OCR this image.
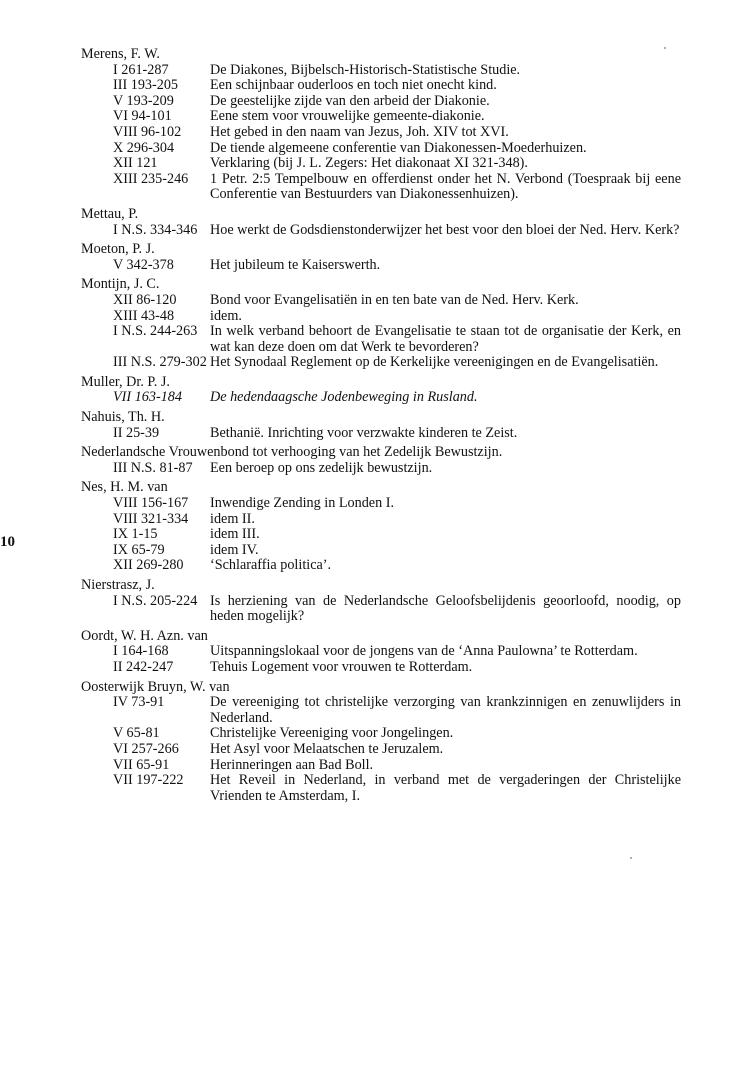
10
Merens, F. W.
I 261-287	De Diakones, Bijbelsch-Historisch-Statistische Studie.
III 193-205	Een schijnbaar ouderloos en toch niet onecht kind.
V 193-209	De geestelijke zijde van den arbeid der Diakonie.
VI 94-101	Eene stem voor vrouwelijke gemeente-diakonie.
VIII 96-102	Het gebed in den naam van Jezus, Joh. XIV tot XVI.
X 296-304	De tiende algemeene conferentie van Diakonessen-Moederhuizen.
XII 121	Verklaring (bij J. L. Zegers: Het diakonaat XI 321-348).
XIII 235-246	1 Petr. 2:5 Tempelbouw en offerdienst onder het N. Verbond (Toespraak bij eene Conferentie van Bestuurders van Diakonessenhuizen).
Mettau, P.
I N.S. 334-346 Hoe werkt de Godsdienstonderwijzer het best voor den bloei der Ned. Herv. Kerk?
Moeton, P. J.
V 342-378	Het jubileum te Kaiserswerth.
Montijn, J. C.
XII 86-120	Bond voor Evangelisatiën in en ten bate van de Ned. Herv. Kerk.
XIII 43-48	idem.
I N.S. 244-263 In welk verband behoort de Evangelisatie te staan tot de organisatie der Kerk, en wat kan deze doen om dat Werk te bevorderen?
III N.S. 279-302 Het Synodaal Reglement op de Kerkelijke vereenigingen en de Evangelisatiën.
Muller, Dr. P. J.
VII 163-184	De hedendaagsche Jodenbeweging in Rusland.
Nahuis, Th. H.
II 25-39	Bethanië. Inrichting voor verzwakte kinderen te Zeist.
Nederlandsche Vrouwenbond tot verhooging van het Zedelijk Bewustzijn.
III N.S. 81-87	Een beroep op ons zedelijk bewustzijn.
Nes, H. M. van
VIII 156-167	Inwendige Zending in Londen I.
VIII 321-334	idem II.
IX 1-15	idem III.
IX 65-79	idem IV.
XII 269-280	‘Schlaraffia politica’.
Nierstrasz, J.
I N.S. 205-224 Is herziening van de Nederlandsche Geloofsbelijdenis geoorloofd, noodig, op heden mogelijk?
Oordt, W. H. Azn. van
I 164-168	Uitspanningslokaal voor de jongens van de ‘Anna Paulowna’ te Rotterdam.
II 242-247	Tehuis Logement voor vrouwen te Rotterdam.
Oosterwijk Bruyn, W. van
IV 73-91	De vereeniging tot christelijke verzorging van krankzinnigen en zenuwlijders in Nederland.
V 65-81	Christelijke Vereeniging voor Jongelingen.
VI 257-266	Het Asyl voor Melaatschen te Jeruzalem.
VII 65-91	Herinneringen aan Bad Boll.
VII 197-222	Het Reveil in Nederland, in verband met de vergaderingen der Christelijke Vrienden te Amsterdam, I.
